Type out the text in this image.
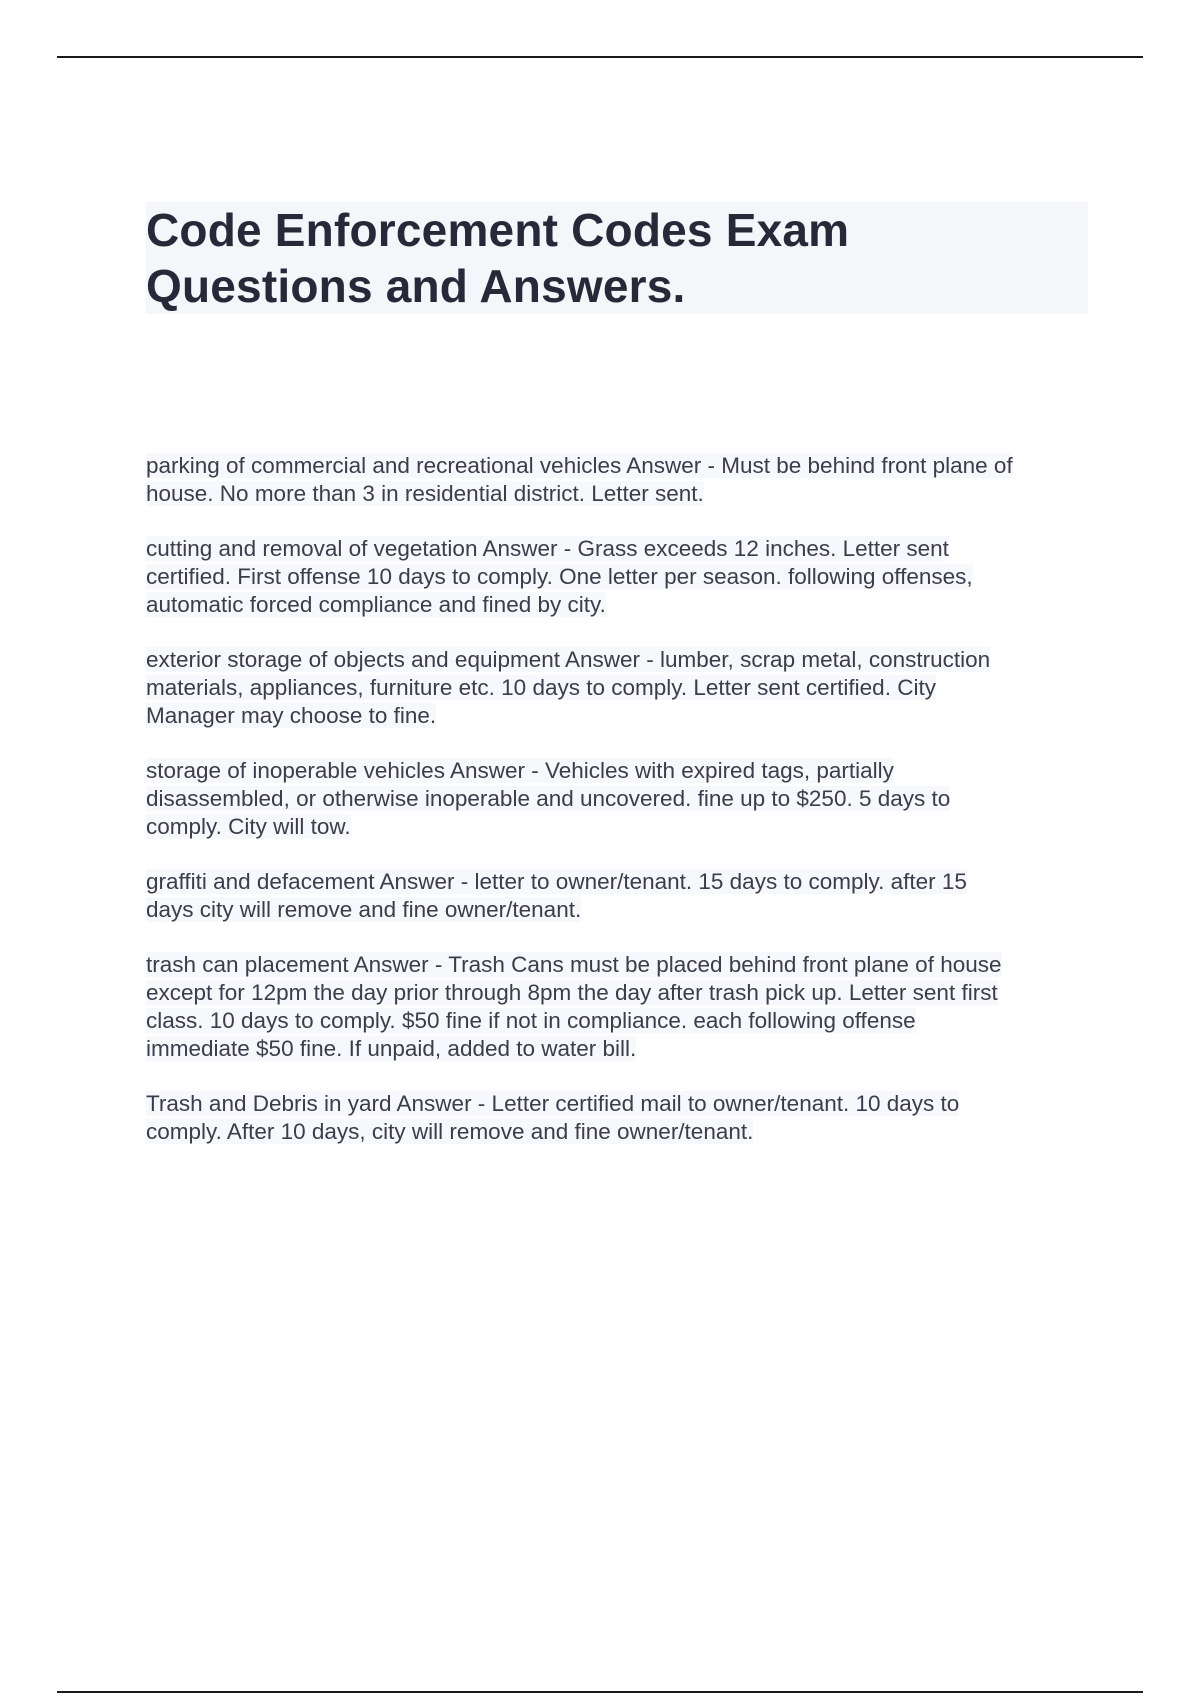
Code Enforcement Codes Exam
Questions and Answers.
parking of commercial and recreational vehicles Answer - Must be behind front plane of
house. No more than 3 in residential district. Letter sent.
cutting and removal of vegetation Answer - Grass exceeds 12 inches. Letter sent
certified. First offense 10 days to comply. One letter per season. following offenses,
automatic forced compliance and fined by city.
exterior storage of objects and equipment Answer - lumber, scrap metal, construction
materials, appliances, furniture etc. 10 days to comply. Letter sent certified. City
Manager may choose to fine.
storage of inoperable vehicles Answer - Vehicles with expired tags, partially
disassembled, or otherwise inoperable and uncovered. fine up to $250. 5 days to
comply. City will tow.
graffiti and defacement Answer - letter to owner/tenant. 15 days to comply. after 15
days city will remove and fine owner/tenant.
trash can placement Answer - Trash Cans must be placed behind front plane of house
except for 12pm the day prior through 8pm the day after trash pick up. Letter sent first
class. 10 days to comply. $50 fine if not in compliance. each following offense
immediate $50 fine. If unpaid, added to water bill.
Trash and Debris in yard Answer - Letter certified mail to owner/tenant. 10 days to
comply. After 10 days, city will remove and fine owner/tenant.
